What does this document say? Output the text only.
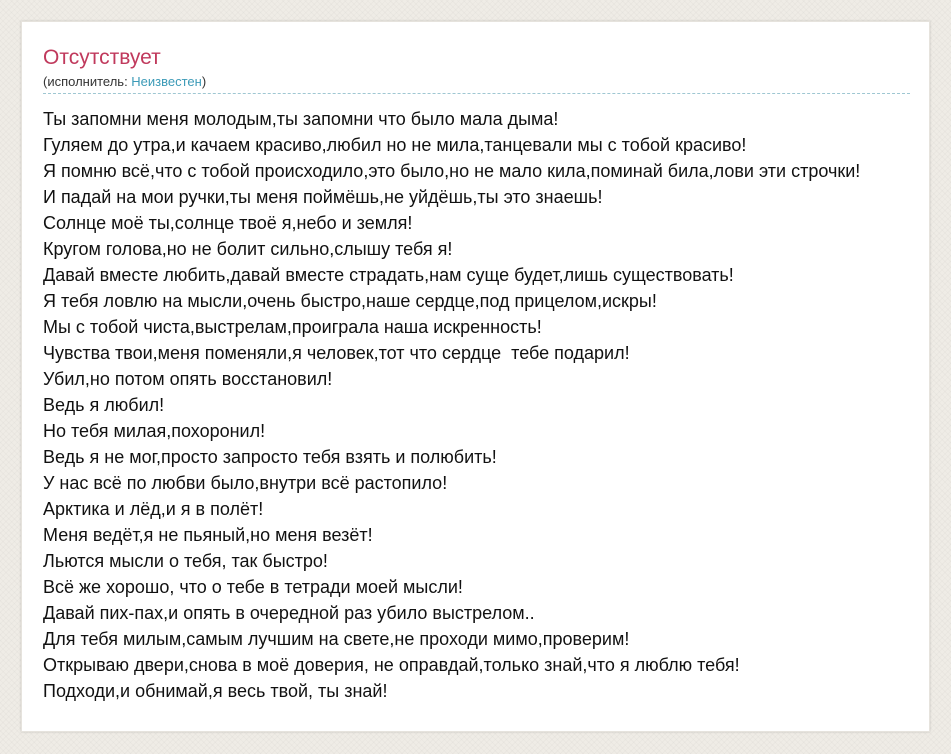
Отсутствует
(исполнитель: Неизвестен)
Ты запомни меня молодым,ты запомни что было мала дыма!
Гуляем до утра,и качаем красиво,любил но не мила,танцевали мы с тобой красиво!
Я помню всё,что с тобой происходило,это было,но не мало кила,поминай била,лови эти строчки!
И падай на мои ручки,ты меня поймёшь,не уйдёшь,ты это знаешь!
Солнце моё ты,солнце твоё я,небо и земля!
Кругом голова,но не болит сильно,слышу тебя я!
Давай вместе любить,давай вместе страдать,нам суще будет,лишь существовать!
Я тебя ловлю на мысли,очень быстро,наше сердце,под прицелом,искры!
Мы с тобой чиста,выстрелам,проиграла наша искренность!
Чувства твои,меня поменяли,я человек,тот что сердце  тебе подарил!
Убил,но потом опять восстановил!
Ведь я любил!
Но тебя милая,похоронил!
Ведь я не мог,просто запросто тебя взять и полюбить!
У нас всё по любви было,внутри всё растопило!
Арктика и лёд,и я в полёт!
Меня ведёт,я не пьяный,но меня везёт!
Льются мысли о тебя, так быстро!
Всё же хорошо, что о тебе в тетради моей мысли!
Давай пих-пах,и опять в очередной раз убило выстрелом..
Для тебя милым,самым лучшим на свете,не проходи мимо,проверим!
Открываю двери,снова в моё доверия, не оправдай,только знай,что я люблю тебя!
Подходи,и обнимай,я весь твой, ты знай!
